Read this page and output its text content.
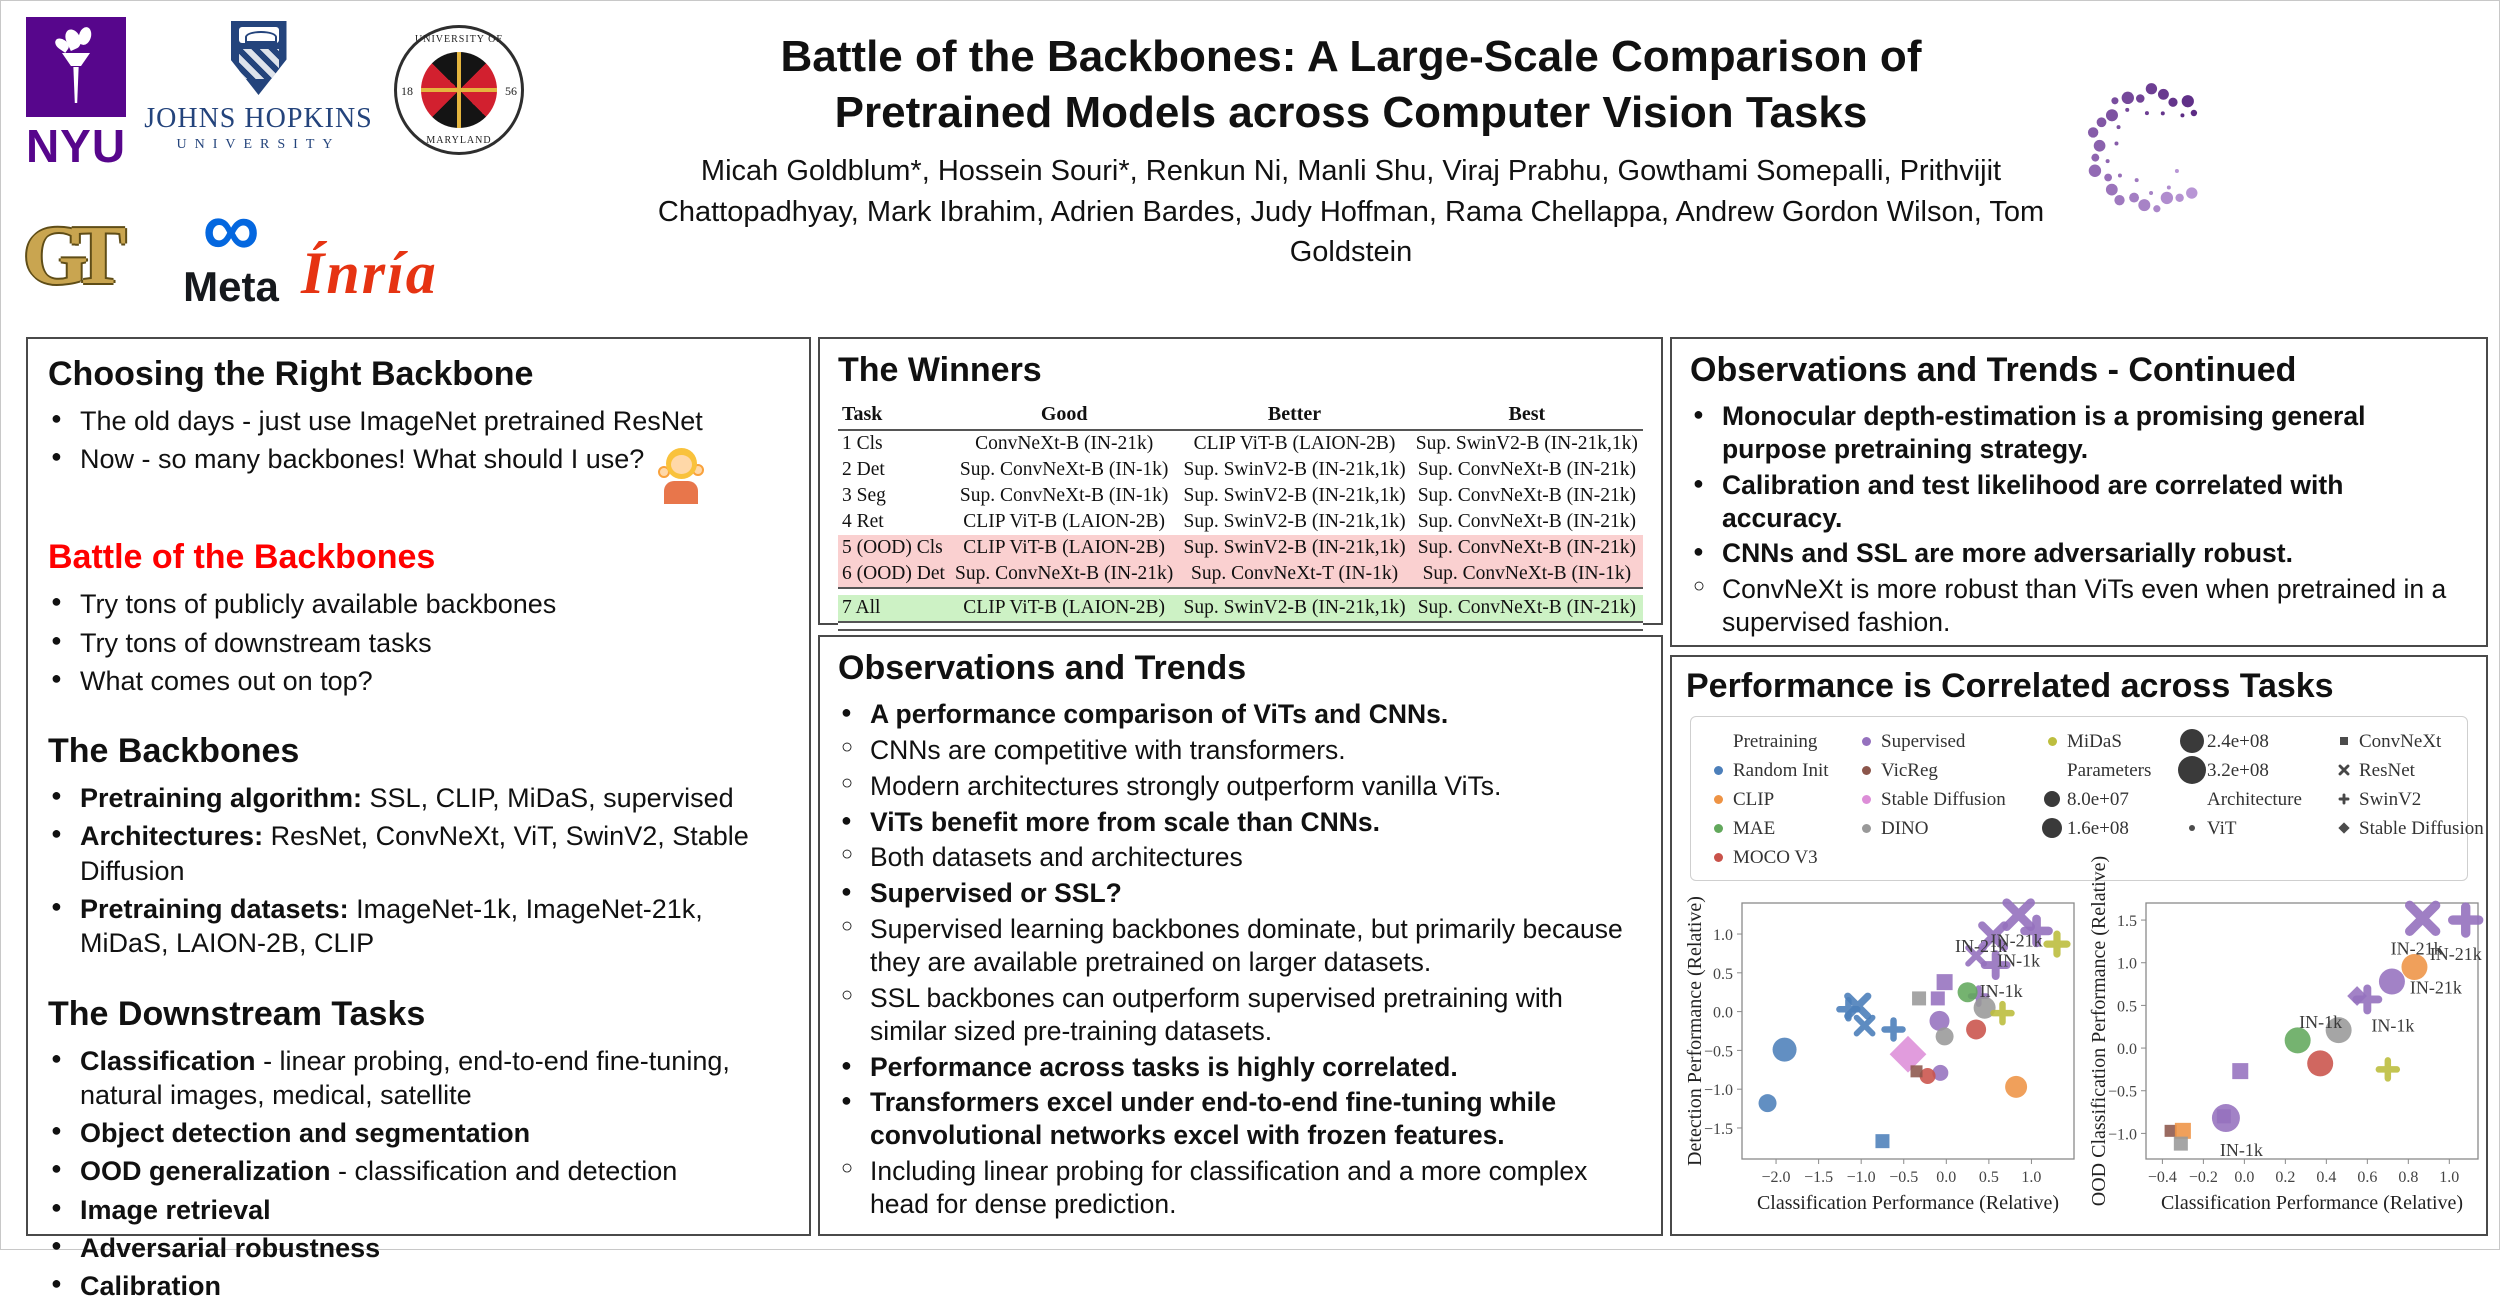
NYU
JOHNS HOPKINS
UNIVERSITY
UNIVERSITY OF
MARYLAND
18	56
GT	∞
Meta Ínría
Battle of the Backbones: A Large-Scale Comparison of
Pretrained Models across Computer Vision Tasks
Micah Goldblum*, Hossein Souri*, Renkun Ni, Manli Shu, Viraj Prabhu, Gowthami Somepalli, Prithvijit Chattopadhyay, Mark Ibrahim, Adrien Bardes, Judy Hoffman, Rama Chellappa, Andrew Gordon Wilson, Tom Goldstein
Choosing the Right Backbone
● The old days - just use ImageNet pretrained ResNet
● Now - so many backbones! What should I use?
Battle of the Backbones
● Try tons of publicly available backbones
● Try tons of downstream tasks
● What comes out on top?
The Backbones
● Pretraining algorithm: SSL, CLIP, MiDaS, supervised
● Architectures: ResNet, ConvNeXt, ViT, SwinV2, Stable Diffusion
● Pretraining datasets: ImageNet-1k, ImageNet-21k, MiDaS, LAION-2B, CLIP
The Downstream Tasks
● Classification - linear probing, end-to-end fine-tuning, natural images, medical, satellite
● Object detection and segmentation
● OOD generalization - classification and detection
● Image retrieval
● Adversarial robustness
● Calibration
The Winners
Task	Good	Better	Best
1 Cls	ConvNeXt-B (IN-21k)	CLIP ViT-B (LAION-2B)	Sup. SwinV2-B (IN-21k,1k)
2 Det	Sup. ConvNeXt-B (IN-1k)	Sup. SwinV2-B (IN-21k,1k)	Sup. ConvNeXt-B (IN-21k)
3 Seg	Sup. ConvNeXt-B (IN-1k)	Sup. SwinV2-B (IN-21k,1k)	Sup. ConvNeXt-B (IN-21k)
4 Ret	CLIP ViT-B (LAION-2B)	Sup. SwinV2-B (IN-21k,1k)	Sup. ConvNeXt-B (IN-21k)
5 (OOD) Cls	CLIP ViT-B (LAION-2B)	Sup. SwinV2-B (IN-21k,1k)	Sup. ConvNeXt-B (IN-21k)
6 (OOD) Det	Sup. ConvNeXt-B (IN-21k)	Sup. ConvNeXt-T (IN-1k)	Sup. ConvNeXt-B (IN-1k)

7 All	CLIP ViT-B (LAION-2B)	Sup. SwinV2-B (IN-21k,1k)	Sup. ConvNeXt-B (IN-21k)

Observations and Trends
● A performance comparison of ViTs and CNNs.
○ CNNs are competitive with transformers.
○ Modern architectures strongly outperform vanilla ViTs.
● ViTs benefit more from scale than CNNs.
○ Both datasets and architectures
● Supervised or SSL?
○ Supervised learning backbones dominate, but primarily because they are available pretrained on larger datasets.
○ SSL backbones can outperform supervised pretraining with similar sized pre-training datasets.
● Performance across tasks is highly correlated.
● Transformers excel under end-to-end fine-tuning while convolutional networks excel with frozen features.
○ Including linear probing for classification and a more complex head for dense prediction.
Observations and Trends - Continued
● Monocular depth-estimation is a promising general purpose pretraining strategy.
● Calibration and test likelihood are correlated with accuracy.
● CNNs and SSL are more adversarially robust.
○ ConvNeXt is more robust than ViTs even when pretrained in a supervised fashion.
Performance is Correlated across Tasks
Pretraining
Random Init
CLIP
MAE
MOCO V3
Supervised
VicReg
Stable Diffusion
DINO
MiDaS
Parameters
8.0e+07
1.6e+08
2.4e+08
3.2e+08
Architecture
ViT
ConvNeXt
ResNet
SwinV2
Stable Diffusion
−2.0 −1.5 −1.0 −0.5 0.0 0.5 1.0
−1.5
−1.0
−0.5
0.0
0.5
1.0
Classification Performance (Relative)
Detection Performance (Relative)	IN-21k
IN-1k
IN-1k
IN-21k
−0.4 −0.2 0.0 0.2 0.4 0.6 0.8 1.0
−1.0
−0.5
0.0
0.5
1.0
1.5
Classification Performance (Relative)
OOD Classification Performance (Relative)	IN-21k
IN-21k
IN-21k
IN-1k IN-1k
IN-1k
